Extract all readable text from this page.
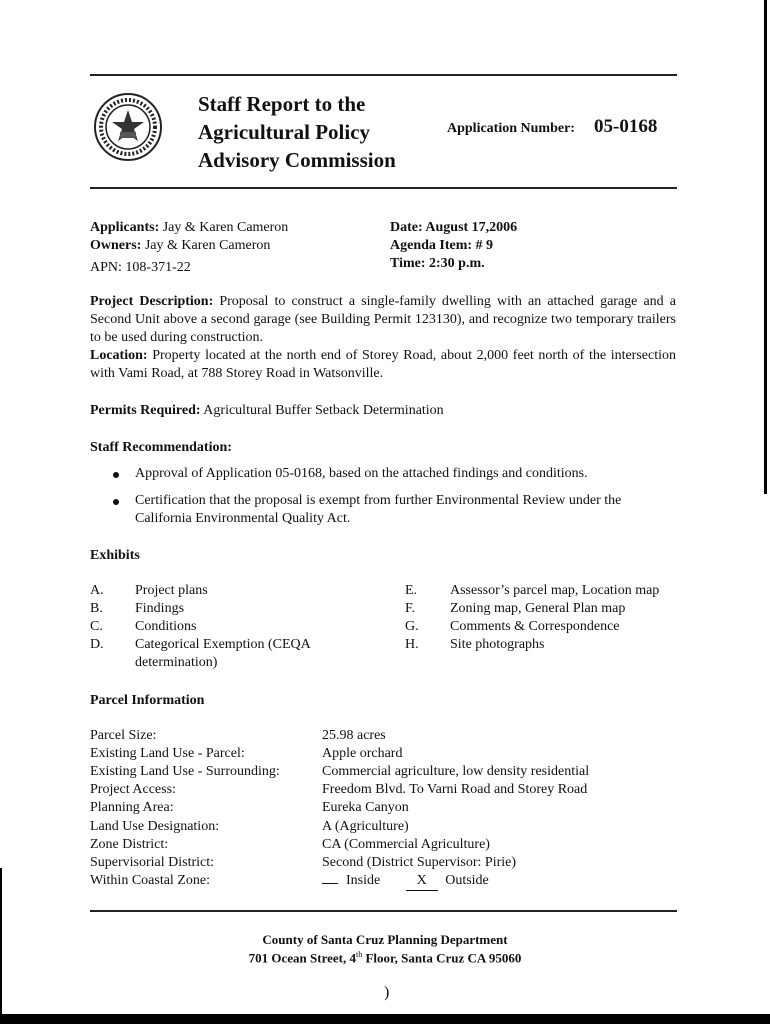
Staff Report to the
Agricultural Policy
Advisory Commission
Application Number: 05-0168
Applicants: Jay & Karen Cameron
Owners: Jay & Karen Cameron
APN: 108-371-22
Date: August 17,2006
Agenda Item: # 9
Time: 2:30 p.m.
Project Description: Proposal to construct a single-family dwelling with an attached garage and a Second Unit above a second garage (see Building Permit 123130), and recognize two temporary trailers to be used during construction.
Location: Property located at the north end of Storey Road, about 2,000 feet north of the intersection with Vami Road, at 788 Storey Road in Watsonville.
Permits Required: Agricultural Buffer Setback Determination
Staff Recommendation:
Approval of Application 05-0168, based on the attached findings and conditions.
Certification that the proposal is exempt from further Environmental Review under the California Environmental Quality Act.
Exhibits
A. Project plans
B. Findings
C. Conditions
D. Categorical Exemption (CEQA
determination)
E. Assessor’s parcel map, Location map
F. Zoning map, General Plan map
G. Comments & Correspondence
H. Site photographs
Parcel Information
Parcel Size:	25.98 acres
Existing Land Use - Parcel:	Apple orchard
Existing Land Use - Surrounding:	Commercial agriculture, low density residential
Project Access:	Freedom Blvd. To Varni Road and Storey Road
Planning Area:	Eureka Canyon
Land Use Designation:	A (Agriculture)
Zone District:	CA (Commercial Agriculture)
Supervisorial District:	Second (District Supervisor: Pirie)
Within Coastal Zone:	Inside	X Outside
County of Santa Cruz Planning Department
701 Ocean Street, 4th Floor, Santa Cruz CA 95060
)
